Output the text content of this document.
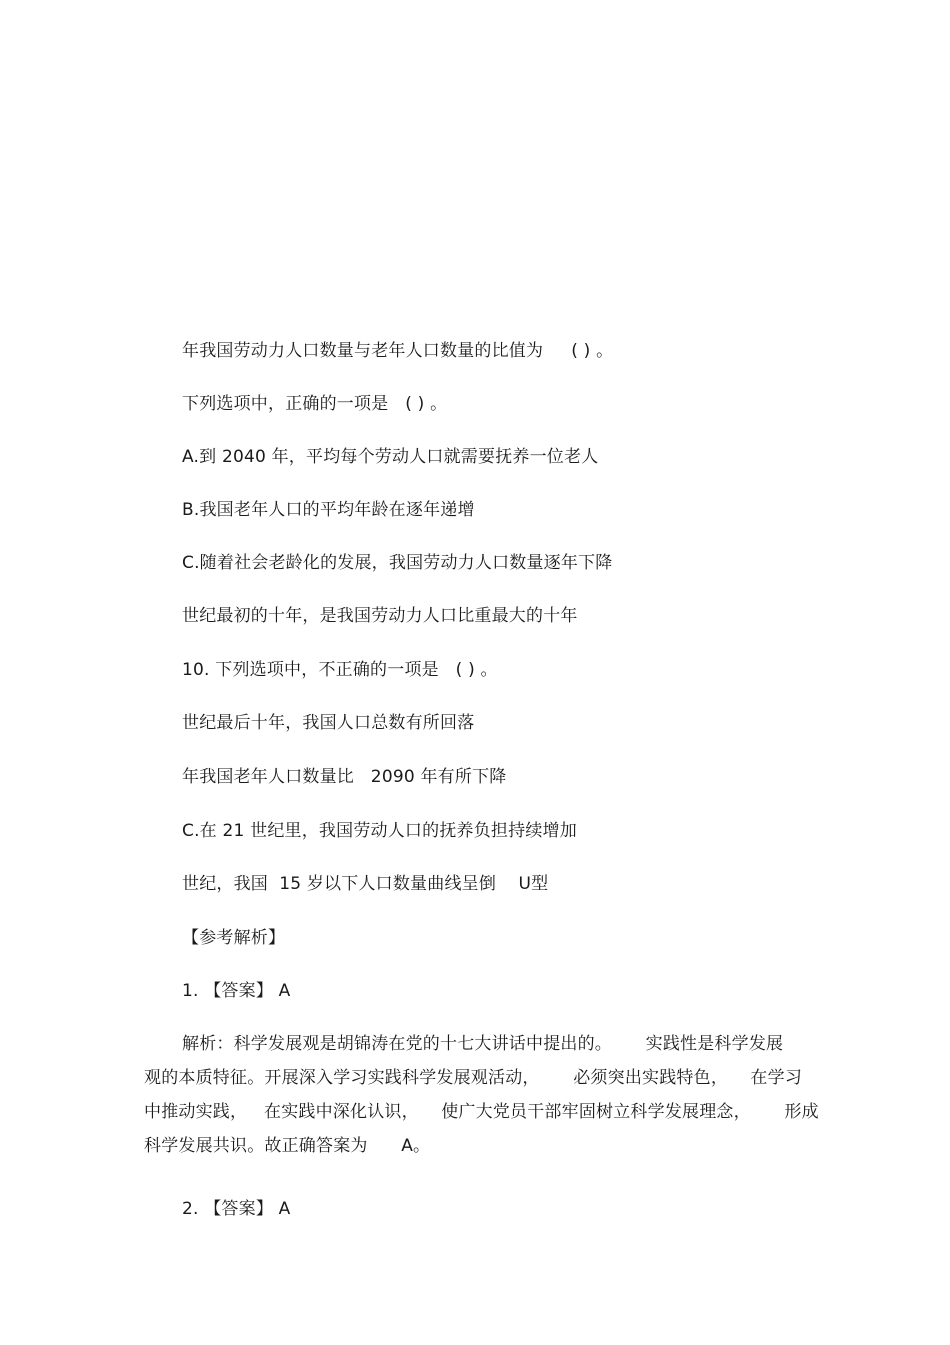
年我国劳动力人口数量与老年人口数量的比值为     ( ) 。
下列选项中，正确的一项是   ( ) 。
A.到 2040 年，平均每个劳动人口就需要抚养一位老人
B.我国老年人口的平均年龄在逐年递增
C.随着社会老龄化的发展，我国劳动力人口数量逐年下降
世纪最初的十年，是我国劳动力人口比重最大的十年
10. 下列选项中，不正确的一项是   ( ) 。
世纪最后十年，我国人口总数有所回落
年我国老年人口数量比   2090 年有所下降
C.在 21 世纪里，我国劳动人口的抚养负担持续增加
世纪，我国  15 岁以下人口数量曲线呈倒    U型
【参考解析】
1. 【答案】 A
解析：科学发展观是胡锦涛在党的十七大讲话中提出的。      实践性是科学发展
观的本质特征。开展深入学习实践科学发展观活动，      必须突出实践特色，    在学习
中推动实践，   在实践中深化认识，    使广大党员干部牢固树立科学发展理念，      形成
科学发展共识。故正确答案为      A。
2. 【答案】 A
